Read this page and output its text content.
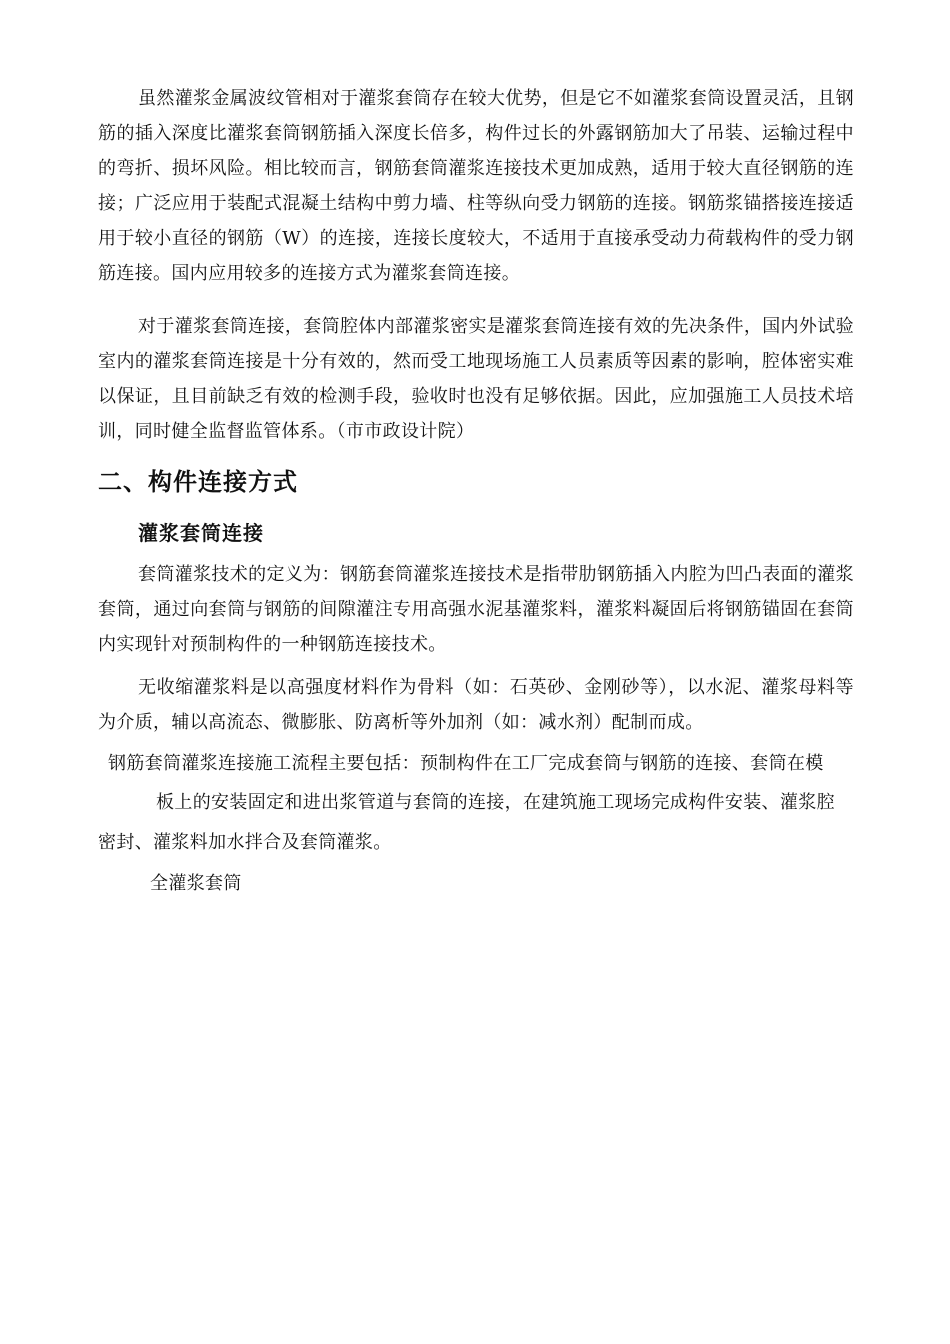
虽然灌浆金属波纹管相对于灌浆套筒存在较大优势，但是它不如灌浆套筒设置灵活，且钢筋的插入深度比灌浆套筒钢筋插入深度长倍多，构件过长的外露钢筋加大了吊装、运输过程中的弯折、损坏风险。相比较而言，钢筋套筒灌浆连接技术更加成熟，适用于较大直径钢筋的连接；广泛应用于装配式混凝土结构中剪力墙、柱等纵向受力钢筋的连接。钢筋浆锚搭接连接适用于较小直径的钢筋（W）的连接，连接长度较大，不适用于直接承受动力荷载构件的受力钢筋连接。国内应用较多的连接方式为灌浆套筒连接。

对于灌浆套筒连接，套筒腔体内部灌浆密实是灌浆套筒连接有效的先决条件，国内外试验室内的灌浆套筒连接是十分有效的，然而受工地现场施工人员素质等因素的影响，腔体密实难以保证，且目前缺乏有效的检测手段，验收时也没有足够依据。因此，应加强施工人员技术培训，同时健全监督监管体系。（市市政设计院）

二、构件连接方式
灌浆套筒连接

套筒灌浆技术的定义为：钢筋套筒灌浆连接技术是指带肋钢筋插入内腔为凹凸表面的灌浆套筒，通过向套筒与钢筋的间隙灌注专用高强水泥基灌浆料，灌浆料凝固后将钢筋锚固在套筒内实现针对预制构件的一种钢筋连接技术。

无收缩灌浆料是以高强度材料作为骨料（如：石英砂、金刚砂等），以水泥、灌浆母料等为介质，辅以高流态、微膨胀、防离析等外加剂（如：减水剂）配制而成。

钢筋套筒灌浆连接施工流程主要包括：预制构件在工厂完成套筒与钢筋的连接、套筒在模

板上的安装固定和进出浆管道与套筒的连接，在建筑施工现场完成构件安装、灌浆腔

密封、灌浆料加水拌合及套筒灌浆。

全灌浆套筒
